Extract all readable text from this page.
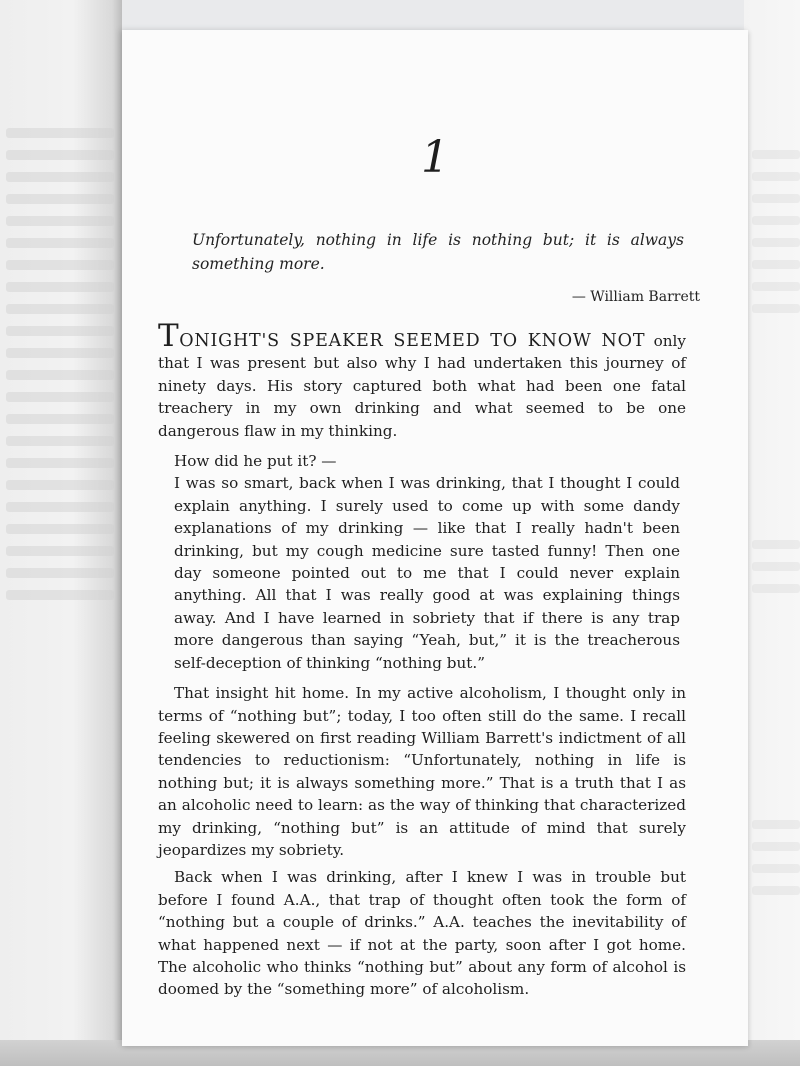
1
Unfortunately, nothing in life is nothing but; it is always something more.
— William Barrett

TONIGHT'S SPEAKER SEEMED TO KNOW NOT only that I was present but also why I had undertaken this journey of ninety days. His story captured both what had been one fatal treachery in my own drinking and what seemed to be one dangerous flaw in my thinking.

How did he put it? —

I was so smart, back when I was drinking, that I thought I could explain anything. I surely used to come up with some dandy explanations of my drinking — like that I really hadn't been drinking, but my cough medicine sure tasted funny! Then one day someone pointed out to me that I could never explain anything. All that I was really good at was explaining things away. And I have learned in sobriety that if there is any trap more dangerous than saying “Yeah, but,” it is the treacherous self-deception of thinking “nothing but.”

That insight hit home. In my active alcoholism, I thought only in terms of “nothing but”; today, I too often still do the same. I recall feeling skewered on first reading William Barrett's indictment of all tendencies to reductionism: “Unfortunately, nothing in life is nothing but; it is always something more.” That is a truth that I as an alcoholic need to learn: as the way of thinking that characterized my drinking, “nothing but” is an attitude of mind that surely jeopardizes my sobriety.

Back when I was drinking, after I knew I was in trouble but before I found A.A., that trap of thought often took the form of “nothing but a couple of drinks.” A.A. teaches the inevitability of what happened next — if not at the party, soon after I got home. The alcoholic who thinks “nothing but” about any form of alcohol is doomed by the “something more” of alcoholism.
